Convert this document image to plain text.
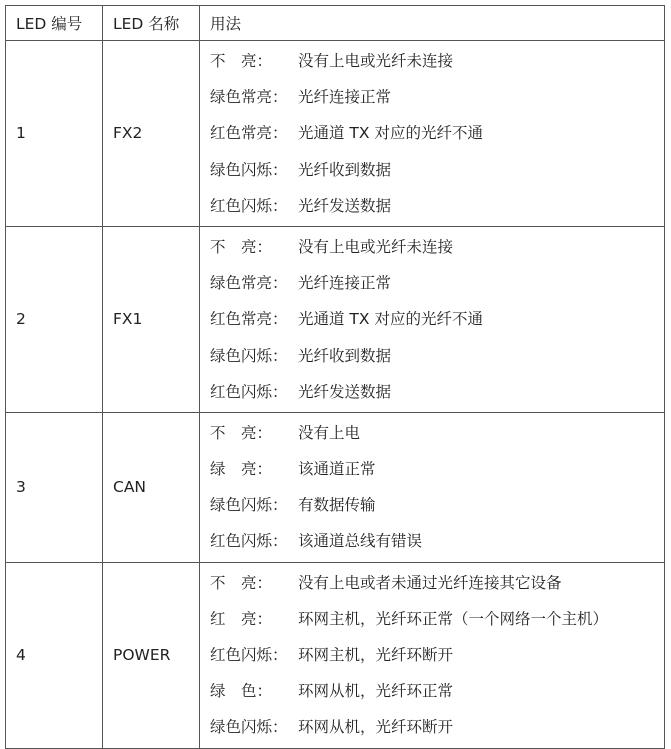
LED 编号	LED 名称	用法
1	FX2	不　亮： 没有上电或光纤未连接
绿色常亮： 光纤连接正常
红色常亮： 光通道 TX 对应的光纤不通
绿色闪烁： 光纤收到数据
红色闪烁： 光纤发送数据

2	FX1	不　亮： 没有上电或光纤未连接
绿色常亮： 光纤连接正常
红色常亮： 光通道 TX 对应的光纤不通
绿色闪烁： 光纤收到数据
红色闪烁： 光纤发送数据

3	CAN	不　亮： 没有上电
绿　亮： 该通道正常
绿色闪烁： 有数据传输
红色闪烁： 该通道总线有错误

4	POWER	不　亮： 没有上电或者未通过光纤连接其它设备
红　亮： 环网主机，光纤环正常（一个网络一个主机）
红色闪烁： 环网主机，光纤环断开
绿　色： 环网从机，光纤环正常
绿色闪烁： 环网从机，光纤环断开
